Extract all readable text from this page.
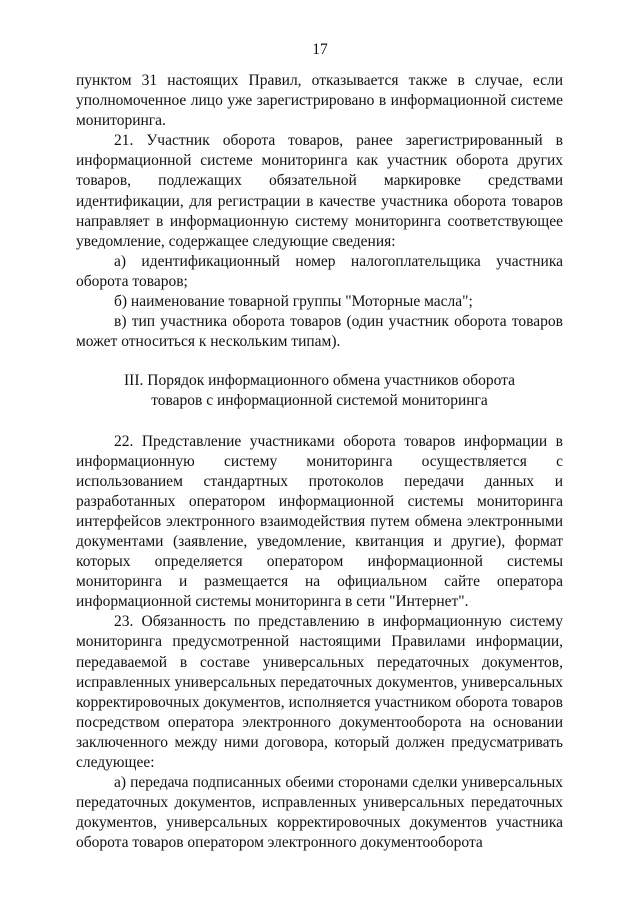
17

пунктом 31 настоящих Правил, отказывается также в случае, если уполномоченное лицо уже зарегистрировано в информационной системе мониторинга.

21. Участник оборота товаров, ранее зарегистрированный в информационной системе мониторинга как участник оборота других товаров, подлежащих обязательной маркировке средствами идентификации, для регистрации в качестве участника оборота товаров направляет в информационную систему мониторинга соответствующее уведомление, содержащее следующие сведения:

а) идентификационный номер налогоплательщика участника оборота товаров;

б) наименование товарной группы "Моторные масла";

в) тип участника оборота товаров (один участник оборота товаров может относиться к нескольким типам).

III. Порядок информационного обмена участников оборота
товаров с информационной системой мониторинга

22. Представление участниками оборота товаров информации в информационную систему мониторинга осуществляется с использованием стандартных протоколов передачи данных и разработанных оператором информационной системы мониторинга интерфейсов электронного взаимодействия путем обмена электронными документами (заявление, уведомление, квитанция и другие), формат которых определяется оператором информационной системы мониторинга и размещается на официальном сайте оператора информационной системы мониторинга в сети "Интернет".

23. Обязанность по представлению в информационную систему мониторинга предусмотренной настоящими Правилами информации, передаваемой в составе универсальных передаточных документов, исправленных универсальных передаточных документов, универсальных корректировочных документов, исполняется участником оборота товаров посредством оператора электронного документооборота на основании заключенного между ними договора, который должен предусматривать следующее:

а) передача подписанных обеими сторонами сделки универсальных передаточных документов, исправленных универсальных передаточных документов, универсальных корректировочных документов участника оборота товаров оператором электронного документооборота
